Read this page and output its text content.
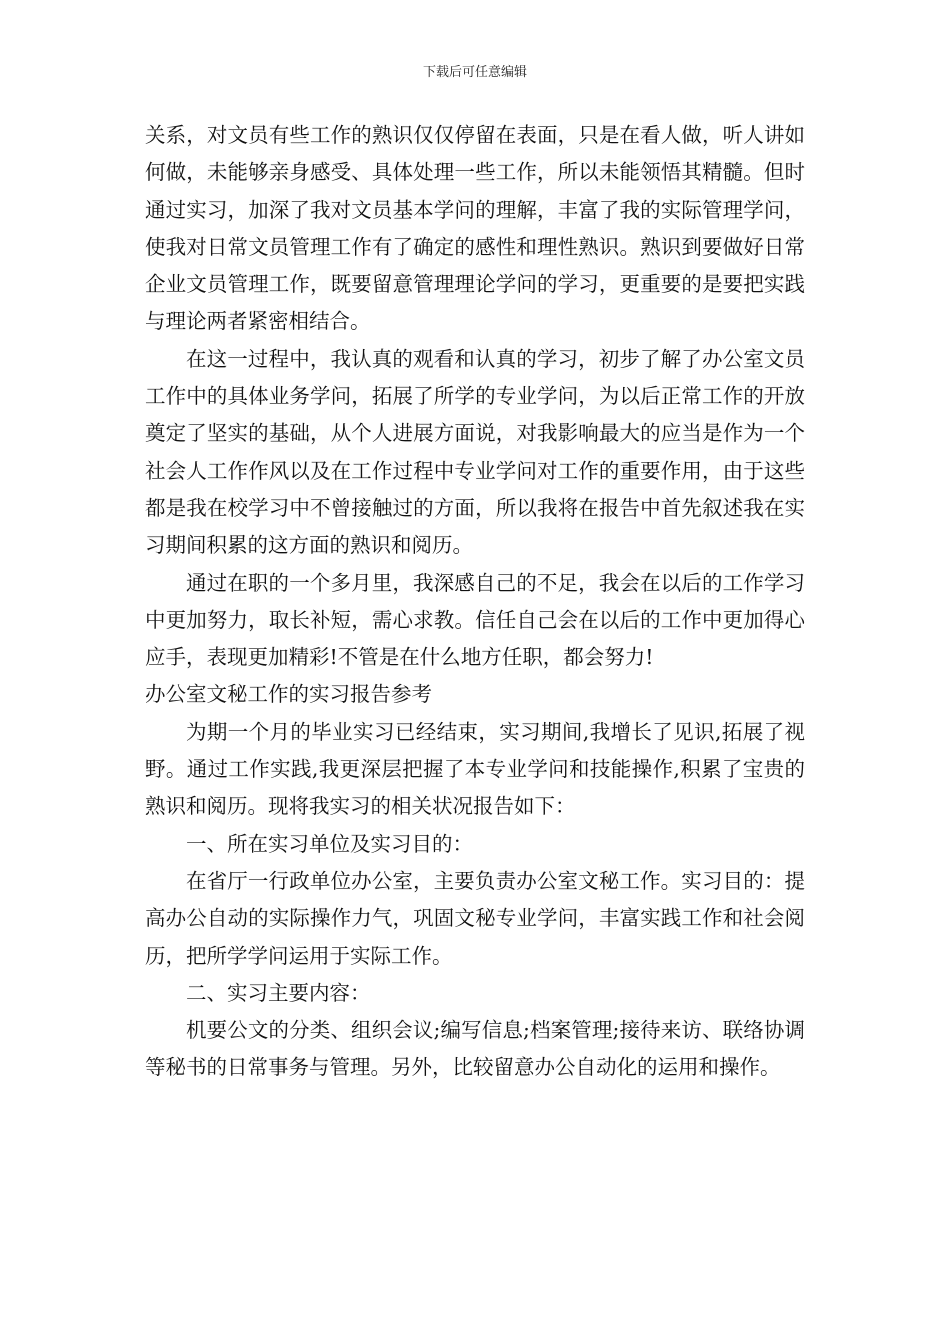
下载后可任意编辑

关系，对文员有些工作的熟识仅仅停留在表面，只是在看人做，听人讲如何做，未能够亲身感受、具体处理一些工作，所以未能领悟其精髓。但时通过实习，加深了我对文员基本学问的理解，丰富了我的实际管理学问，使我对日常文员管理工作有了确定的感性和理性熟识。熟识到要做好日常企业文员管理工作，既要留意管理理论学问的学习，更重要的是要把实践与理论两者紧密相结合。

在这一过程中，我认真的观看和认真的学习，初步了解了办公室文员工作中的具体业务学问，拓展了所学的专业学问，为以后正常工作的开放奠定了坚实的基础，从个人进展方面说，对我影响最大的应当是作为一个社会人工作作风以及在工作过程中专业学问对工作的重要作用，由于这些都是我在校学习中不曾接触过的方面，所以我将在报告中首先叙述我在实习期间积累的这方面的熟识和阅历。

通过在职的一个多月里，我深感自己的不足，我会在以后的工作学习中更加努力，取长补短，需心求教。信任自己会在以后的工作中更加得心应手，表现更加精彩!不管是在什么地方任职，都会努力!

办公室文秘工作的实习报告参考

为期一个月的毕业实习已经结束，实习期间,我增长了见识,拓展了视野。通过工作实践,我更深层把握了本专业学问和技能操作,积累了宝贵的熟识和阅历。现将我实习的相关状况报告如下：

一、所在实习单位及实习目的：

在省厅一行政单位办公室，主要负责办公室文秘工作。实习目的：提高办公自动的实际操作力气，巩固文秘专业学问，丰富实践工作和社会阅历，把所学学问运用于实际工作。

二、实习主要内容：

机要公文的分类、组织会议;编写信息;档案管理;接待来访、联络协调等秘书的日常事务与管理。另外，比较留意办公自动化的运用和操作。
